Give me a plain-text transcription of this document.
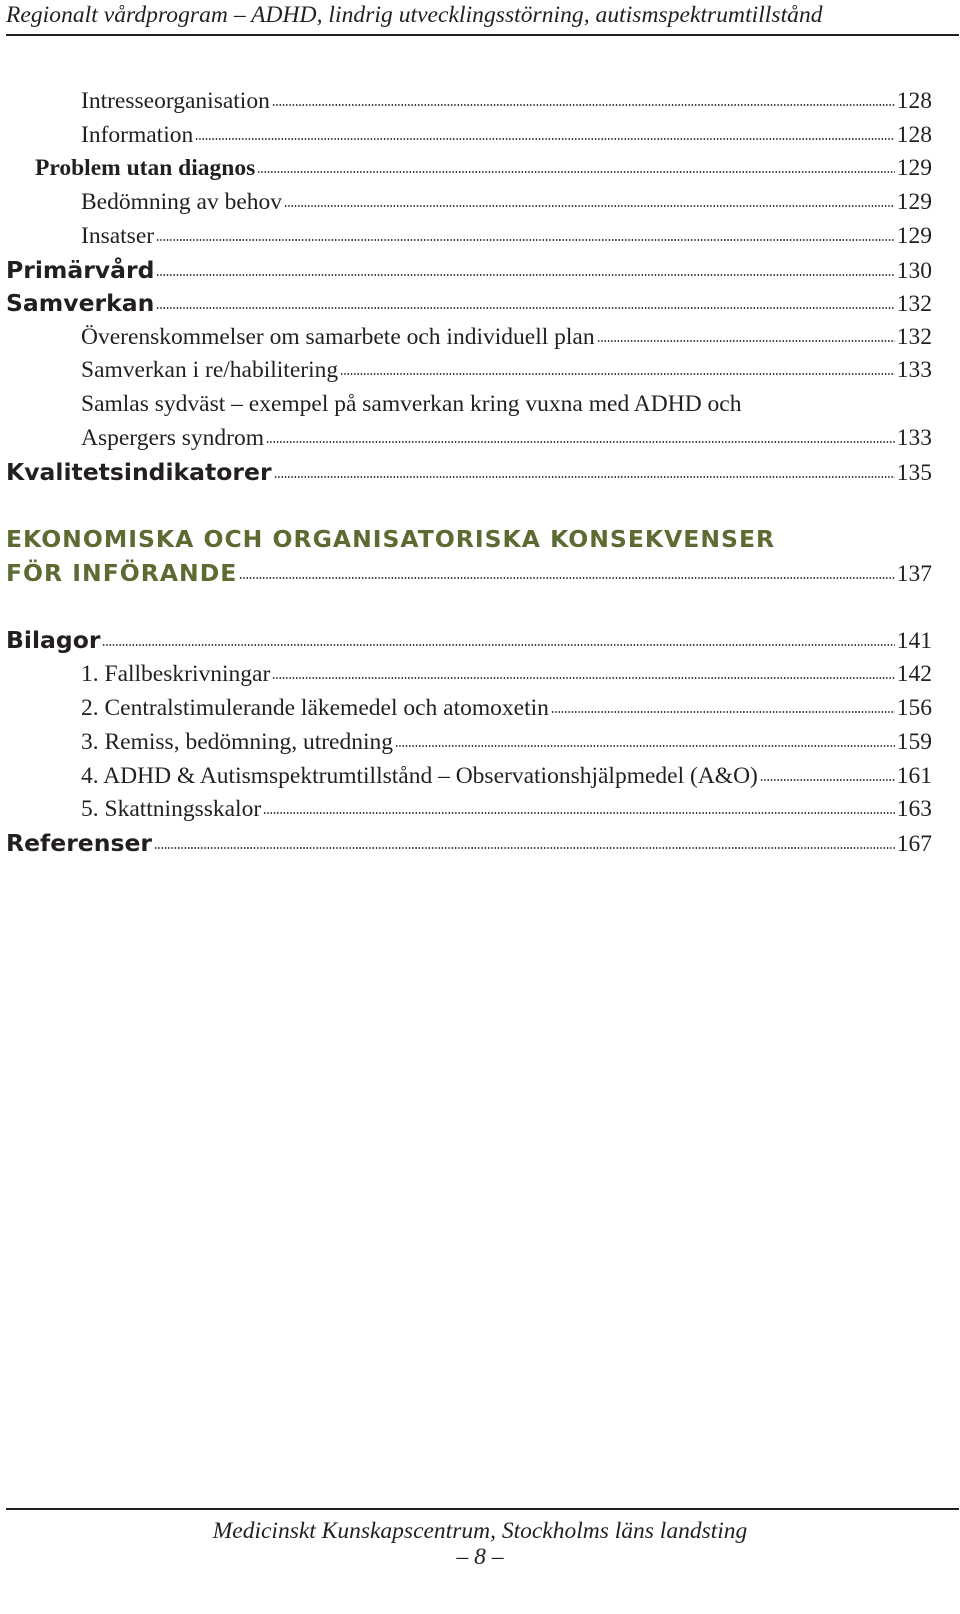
Regionalt vårdprogram – ADHD, lindrig utvecklingsstörning, autismspektrumtillstånd
Intresseorganisation	128
Information	128
Problem utan diagnos	129
Bedömning av behov	129
Insatser	129
Primärvård	130
Samverkan	132
Överenskommelser om samarbete och individuell plan	132
Samverkan i re/habilitering	133
Samlas sydväst – exempel på samverkan kring vuxna med ADHD och
Aspergers syndrom	133
Kvalitetsindikatorer	135
EKONOMISKA OCH ORGANISATORISKA KONSEKVENSER
FÖR INFÖRANDE	137
Bilagor	141
1. Fallbeskrivningar	142
2. Centralstimulerande läkemedel och atomoxetin	156
3. Remiss, bedömning, utredning	159
4. ADHD & Autismspektrumtillstånd – Observationshjälpmedel (A&O)	161
5. Skattningsskalor	163
Referenser	167
Medicinskt Kunskapscentrum, Stockholms läns landsting
– 8 –
